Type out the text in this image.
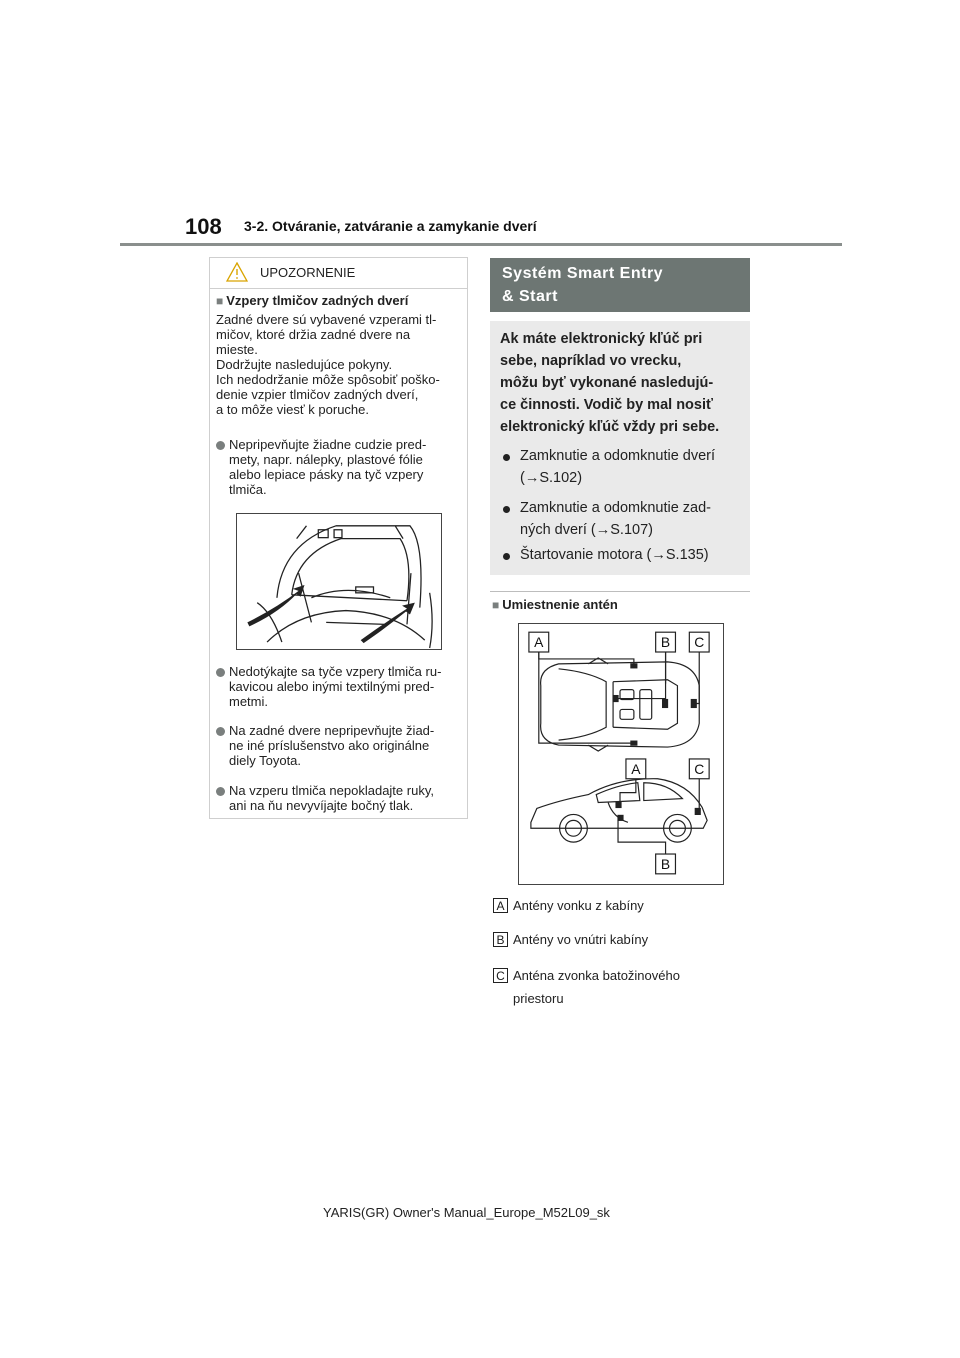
108 3-2. Otváranie, zatváranie a zamykanie dverí
UPOZORNENIE
■ Vzpery tlmičov zadných dverí
Zadné dvere sú vybavené vzperami tl-
mičov, ktoré držia zadné dvere na
mieste.
Dodržujte nasledujúce pokyny.
Ich nedodržanie môže spôsobiť poško-
denie vzpier tlmičov zadných dverí,
a to môže viesť k poruche.
Nepripevňujte žiadne cudzie pred-
mety, napr. nálepky, plastové fólie
alebo lepiace pásky na tyč vzpery
tlmiča.
Nedotýkajte sa tyče vzpery tlmiča ru-
kavicou alebo inými textilnými pred-
metmi.
Na zadné dvere nepripevňujte žiad-
ne iné príslušenstvo ako originálne
diely Toyota.
Na vzperu tlmiča nepokladajte ruky,
ani na ňu nevyvíjajte bočný tlak.
Systém Smart Entry
& Start
Ak máte elektronický kľúč pri
sebe, napríklad vo vrecku,
môžu byť vykonané nasledujú-
ce činnosti. Vodič by mal nosiť
elektronický kľúč vždy pri sebe.
Zamknutie a odomknutie dverí
(→S.102)
Zamknutie a odomknutie zad-
ných dverí (→S.107)
Štartovanie motora (→S.135)
■ Umiestnenie antén
A	B C
A	C
B
A Antény vonku z kabíny
B Antény vo vnútri kabíny
C Anténa zvonka batožinového
priestoru
YARIS(GR) Owner's Manual_Europe_M52L09_sk
